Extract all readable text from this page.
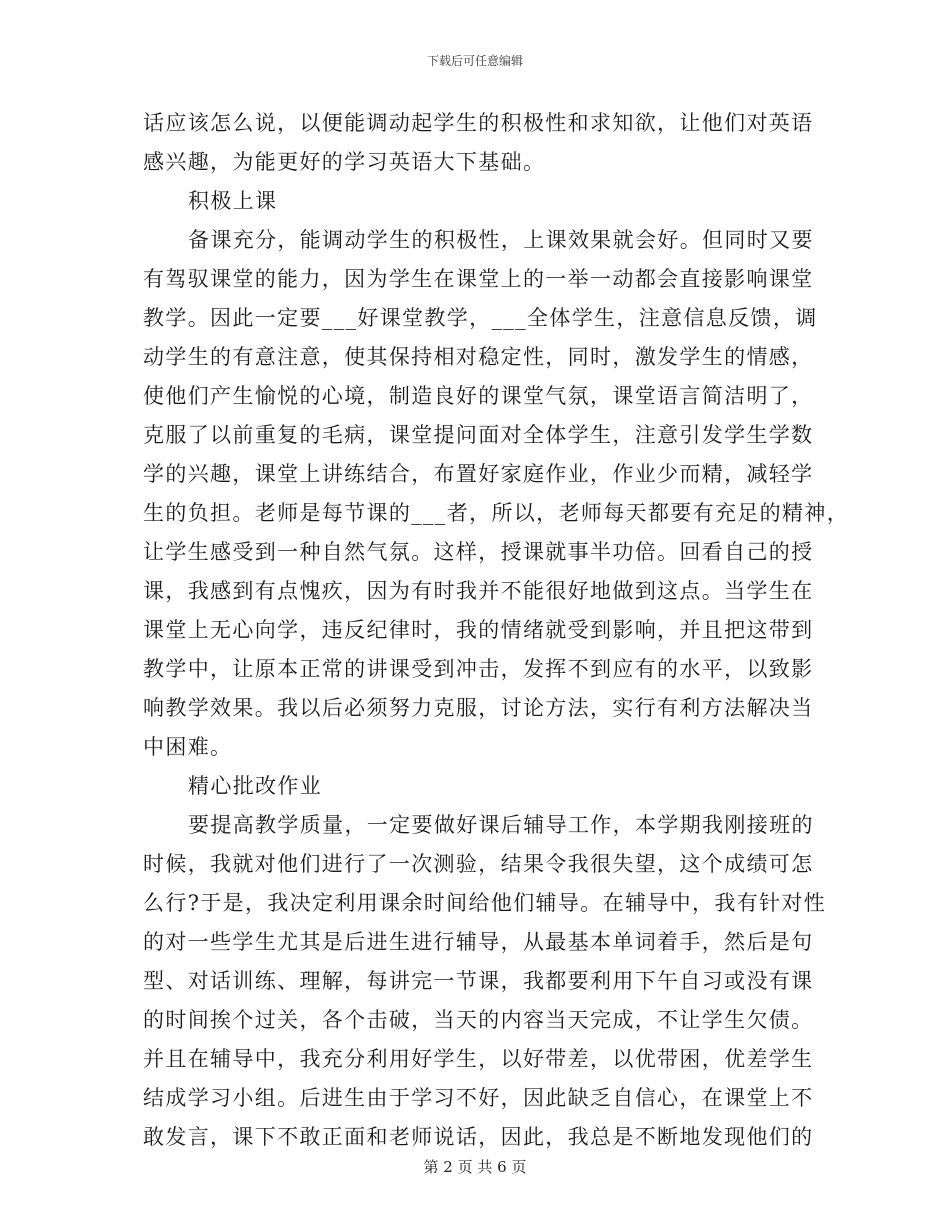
下载后可任意编辑
话应该怎么说，以便能调动起学生的积极性和求知欲，让他们对英语
感兴趣，为能更好的学习英语大下基础。
积极上课
备课充分，能调动学生的积极性，上课效果就会好。但同时又要
有驾驭课堂的能力，因为学生在课堂上的一举一动都会直接影响课堂
教学。因此一定要___好课堂教学，___全体学生，注意信息反馈，调
动学生的有意注意，使其保持相对稳定性，同时，激发学生的情感，
使他们产生愉悦的心境，制造良好的课堂气氛，课堂语言简洁明了，
克服了以前重复的毛病，课堂提问面对全体学生，注意引发学生学数
学的兴趣，课堂上讲练结合，布置好家庭作业，作业少而精，减轻学
生的负担。老师是每节课的___者，所以，老师每天都要有充足的精神，
让学生感受到一种自然气氛。这样，授课就事半功倍。回看自己的授
课，我感到有点愧疚，因为有时我并不能很好地做到这点。当学生在
课堂上无心向学，违反纪律时，我的情绪就受到影响，并且把这带到
教学中，让原本正常的讲课受到冲击，发挥不到应有的水平，以致影
响教学效果。我以后必须努力克服，讨论方法，实行有利方法解决当
中困难。
精心批改作业
要提高教学质量，一定要做好课后辅导工作，本学期我刚接班的
时候，我就对他们进行了一次测验，结果令我很失望，这个成绩可怎
么行?于是，我决定利用课余时间给他们辅导。在辅导中，我有针对性
的对一些学生尤其是后进生进行辅导，从最基本单词着手，然后是句
型、对话训练、理解，每讲完一节课，我都要利用下午自习或没有课
的时间挨个过关，各个击破，当天的内容当天完成，不让学生欠债。
并且在辅导中，我充分利用好学生，以好带差，以优带困，优差学生
结成学习小组。后进生由于学习不好，因此缺乏自信心，在课堂上不
敢发言，课下不敢正面和老师说话，因此，我总是不断地发现他们的
第 2 页 共 6 页
